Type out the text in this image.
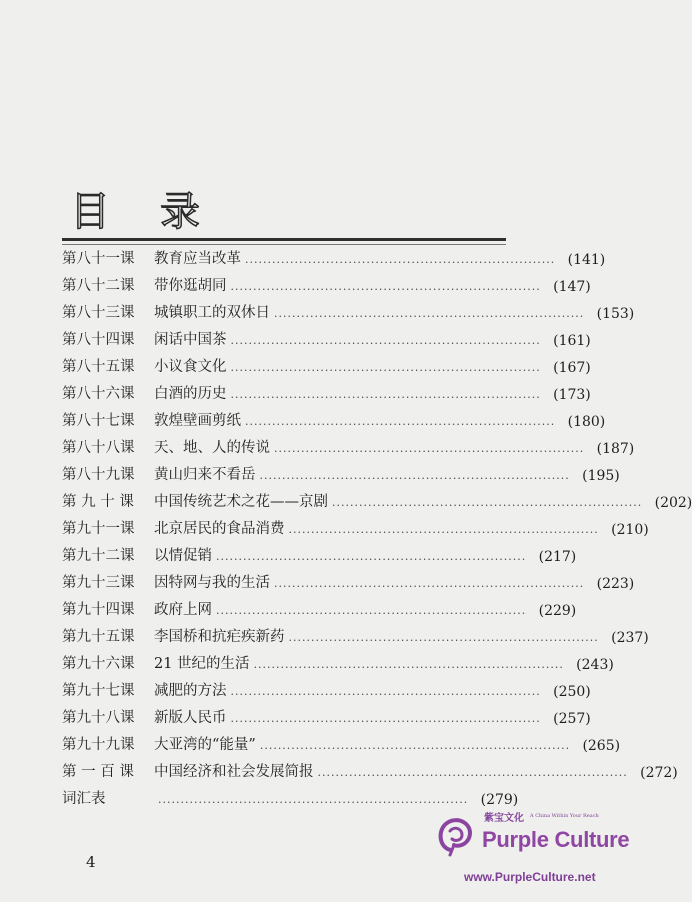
目 录
第八十一课	教育应当改革 ····································································· (141)
第八十二课	带你逛胡同 ····································································· (147)
第八十三课	城镇职工的双休日 ····································································· (153)
第八十四课	闲话中国茶 ····································································· (161)
第八十五课	小议食文化 ····································································· (167)
第八十六课	白酒的历史 ····································································· (173)
第八十七课	敦煌壁画剪纸 ····································································· (180)
第八十八课	天、地、人的传说 ····································································· (187)
第八十九课	黄山归来不看岳 ····································································· (195)
第 九 十 课	中国传统艺术之花——京剧 ····································································· (202)
第九十一课	北京居民的食品消费 ····································································· (210)
第九十二课	以情促销 ····································································· (217)
第九十三课	因特网与我的生活 ····································································· (223)
第九十四课	政府上网 ····································································· (229)
第九十五课	李国桥和抗疟疾新药 ····································································· (237)
第九十六课	21 世纪的生活 ····································································· (243)
第九十七课	减肥的方法 ····································································· (250)
第九十八课	新版人民币 ····································································· (257)
第九十九课	大亚湾的“能量” ····································································· (265)
第 一 百 课	中国经济和社会发展简报 ····································································· (272)
词汇表	····································································· (279)
4
紫宝文化 A China Within Your Reach
Purple Culture
www.PurpleCulture.net
